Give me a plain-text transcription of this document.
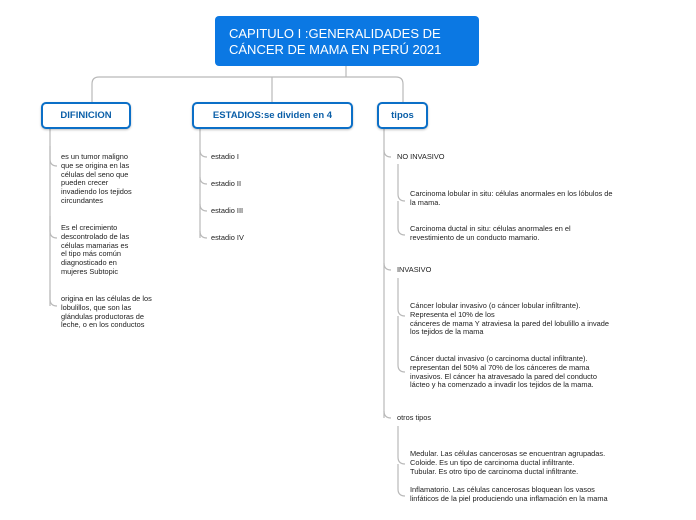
CAPITULO I :GENERALIDADES DE
CÁNCER DE MAMA EN PERÚ 2021
DIFINICION	ESTADIOS:se dividen en 4	tipos
es un tumor maligno
que se origina en las
células del seno que
pueden crecer
invadiendo los tejidos
circundantes
Es el crecimiento
descontrolado de las
células mamarias es
el tipo más común
diagnosticado en
mujeres Subtopic
origina en las células de los
lobulillos, que son las
glándulas productoras de
leche, o en los conductos
estadio I
estadio II
estadio III
estadio IV
NO INVASIVO
Carcinoma lobular in situ: células anormales en los lóbulos de
la mama.
Carcinoma ductal in situ: células anormales en el
revestimiento de un conducto mamario.
INVASIVO
Cáncer lobular invasivo (o cáncer lobular infiltrante).
Representa el 10% de los
cánceres de mama Y atraviesa la pared del lobulillo a invade
los tejidos de la mama
Cáncer ductal invasivo (o carcinoma ductal infiltrante).
representan del 50% al 70% de los cánceres de mama
invasivos. El cáncer ha atravesado la pared del conducto
lácteo y ha comenzado a invadir los tejidos de la mama.
otros tipos
Medular. Las células cancerosas se encuentran agrupadas.
Coloide. Es un tipo de carcinoma ductal infiltrante.
Tubular. Es otro tipo de carcinoma ductal infiltrante.
Inflamatorio. Las células cancerosas bloquean los vasos
linfáticos de la piel produciendo una inflamación en la mama
